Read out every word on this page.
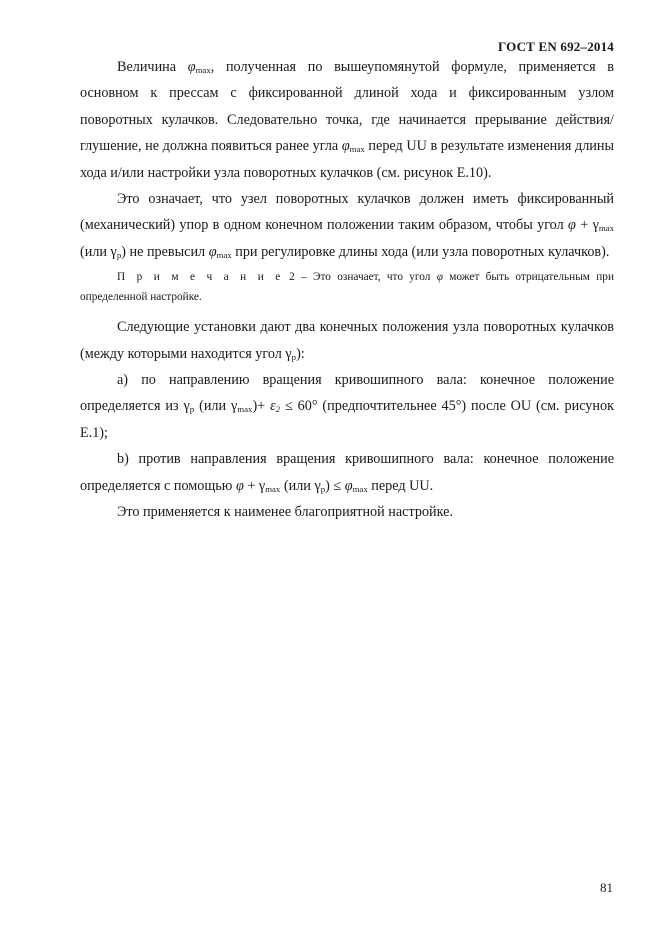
ГОСТ EN 692–2014

Величина $\varphi_{max}$, полученная по вышеупомянутой формуле, применяется в основном к прессам с фиксированной длиной хода и фиксированным узлом поворотных кулачков. Следовательно точка, где начинается прерывание действия/глушение, не должна появиться ранее угла $\varphi_{max}$ перед UU в результате изменения длины хода и/или настройки узла поворотных кулачков (см. рисунок E.10).

Это означает, что узел поворотных кулачков должен иметь фиксированный (механический) упор в одном конечном положении таким образом, чтобы угол $\varphi + \gamma_{max}$ (или $\gamma_p$) не превысил $\varphi_{max}$ при регулировке длины хода (или узла поворотных кулачков).

П р и м е ч а н и е 2 – Это означает, что угол φ может быть отрицательным при определенной настройке.

Следующие установки дают два конечных положения узла поворотных кулачков (между которыми находится угол $\gamma_p$):

a) по направлению вращения кривошипного вала: конечное положение определяется из $\gamma_p$ (или $\gamma_{max})+ \varepsilon_2 \le 60^\circ$ (предпочтительнее 45°) после OU (см. рисунок E.1);

b) против направления вращения кривошипного вала: конечное положение определяется с помощью $\varphi + \gamma_{max}$ (или $\gamma_p) \le \varphi_{max}$ перед UU.

Это применяется к наименее благоприятной настройке.

81
